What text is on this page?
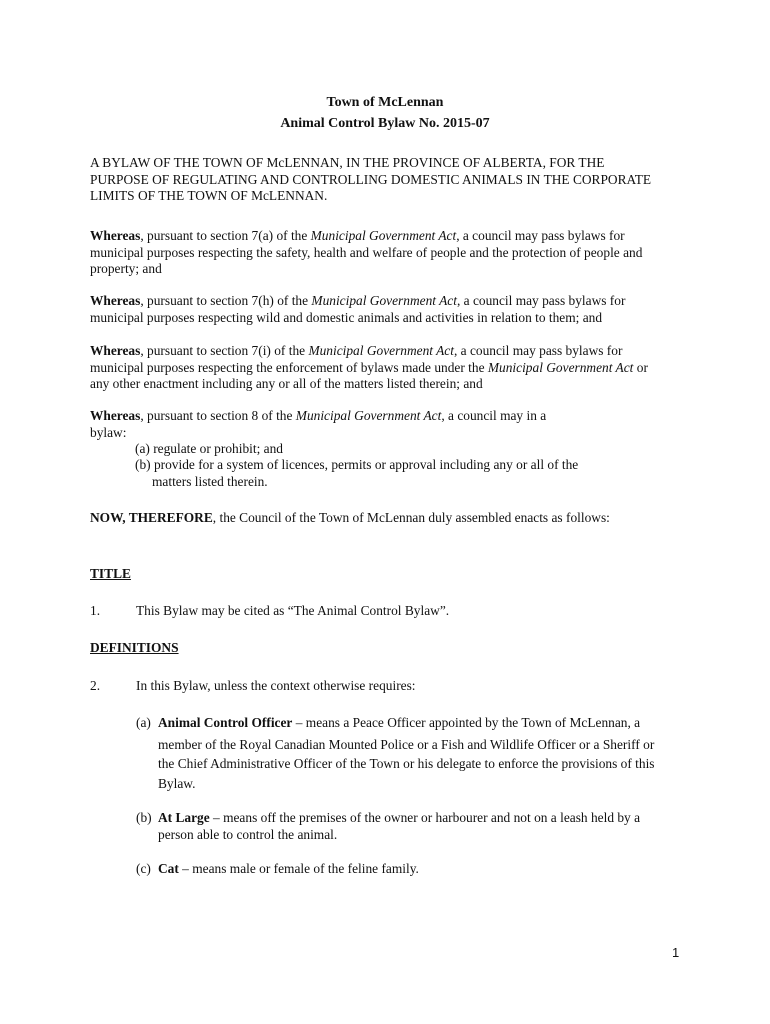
Town of McLennan
Animal Control Bylaw No. 2015-07

A BYLAW OF THE TOWN OF McLENNAN, IN THE PROVINCE OF ALBERTA, FOR THE

PURPOSE OF REGULATING AND CONTROLLING DOMESTIC ANIMALS IN THE CORPORATE

LIMITS OF THE TOWN OF McLENNAN.

Whereas, pursuant to section 7(a) of the Municipal Government Act, a council may pass bylaws for

municipal purposes respecting the safety, health and welfare of people and the protection of people and

property; and

Whereas, pursuant to section 7(h) of the Municipal Government Act, a council may pass bylaws for

municipal purposes respecting wild and domestic animals and activities in relation to them; and

Whereas, pursuant to section 7(i) of the Municipal Government Act, a council may pass bylaws for

municipal purposes respecting the enforcement of bylaws made under the Municipal Government Act or

any other enactment including any or all of the matters listed therein; and

Whereas, pursuant to section 8 of the Municipal Government Act, a council may in a

bylaw:

(a) regulate or prohibit; and
(b) provide for a system of licences, permits or approval including any or all of the
matters listed therein.

NOW, THEREFORE, the Council of the Town of McLennan duly assembled enacts as follows:

TITLE
1.	This Bylaw may be cited as “The Animal Control Bylaw”.
DEFINITIONS
2.	In this Bylaw, unless the context otherwise requires:
(a) Animal Control Officer – means a Peace Officer appointed by the Town of McLennan, a

member of the Royal Canadian Mounted Police or a Fish and Wildlife Officer or a Sheriff or

the Chief Administrative Officer of the Town or his delegate to enforce the provisions of this

Bylaw.

(b) At Large – means off the premises of the owner or harbourer and not on a leash held by a

person able to control the animal.

(c) Cat – means male or female of the feline family.

1
